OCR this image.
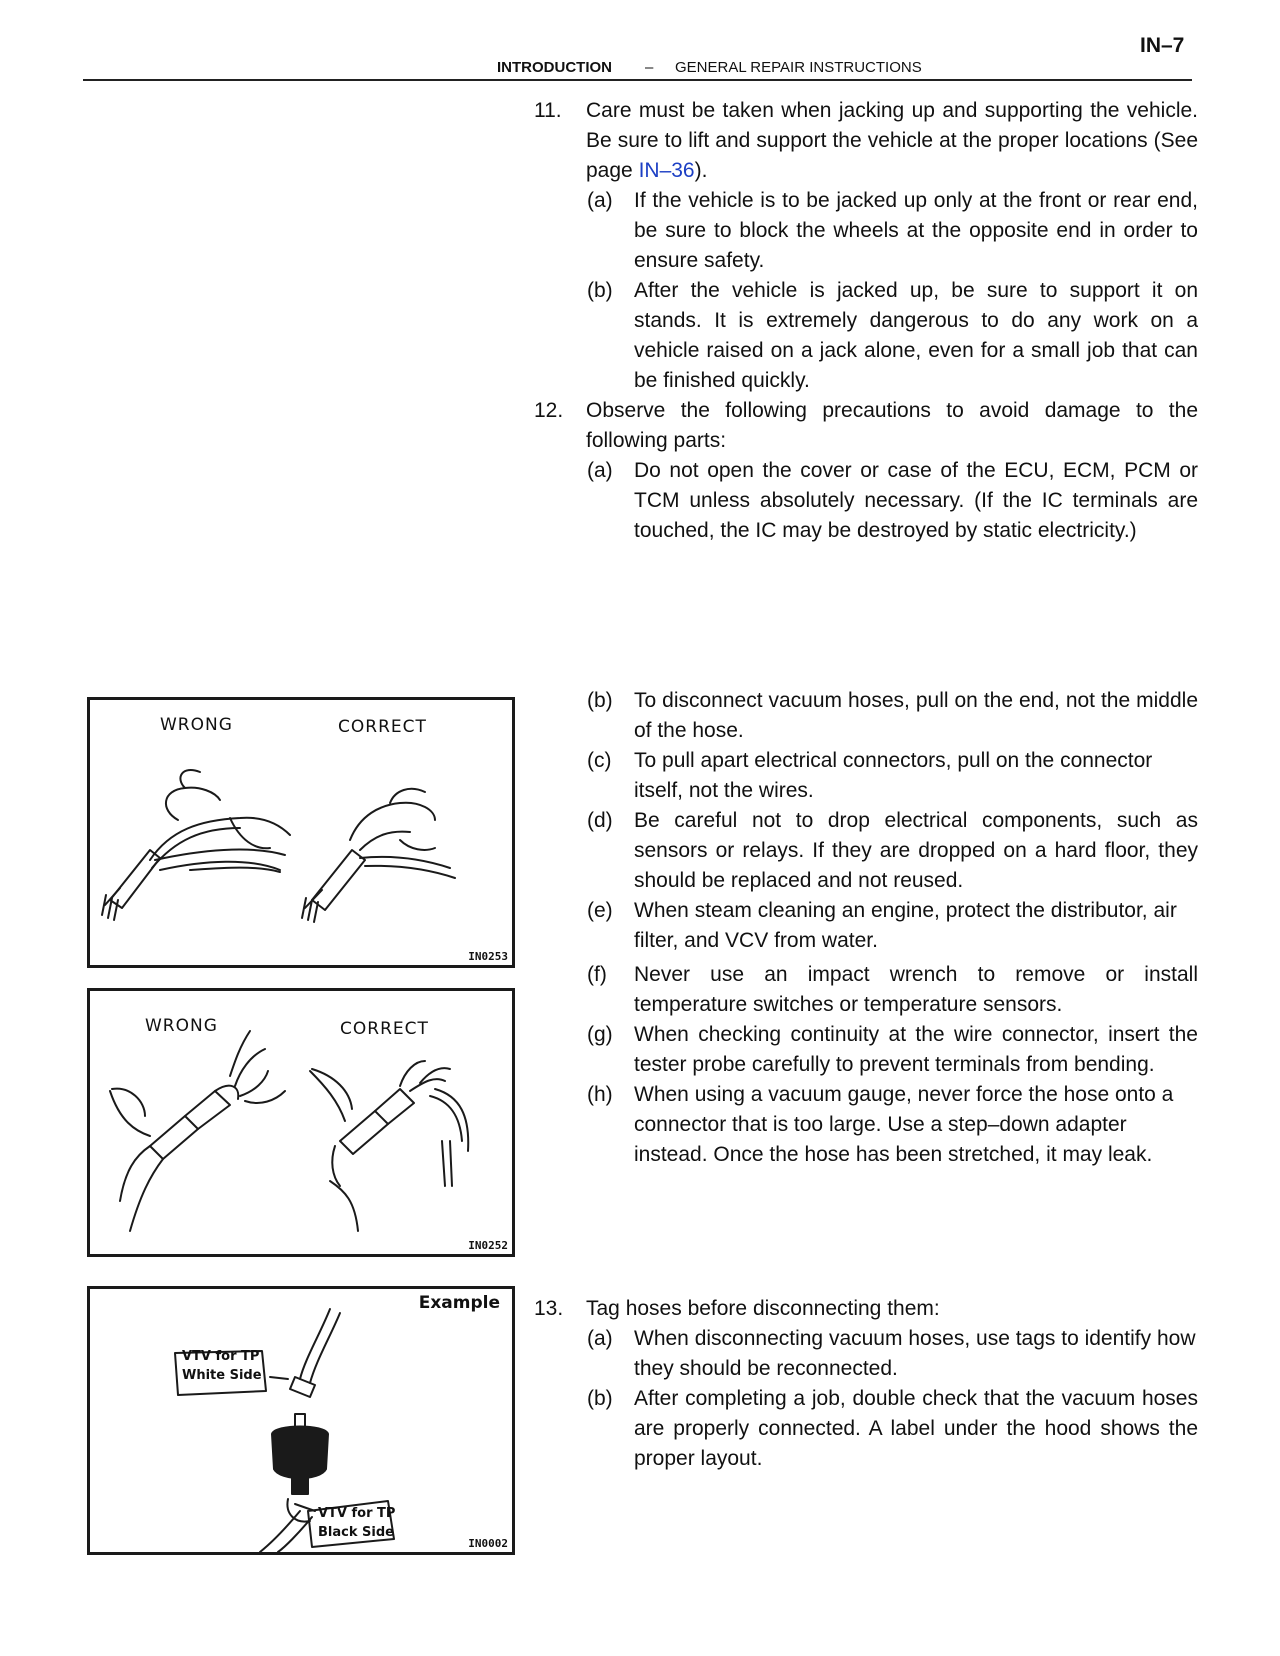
IN–7
INTRODUCTION – GENERAL REPAIR INSTRUCTIONS
11. Care must be taken when jacking up and supporting the vehicle. Be sure to lift and support the vehicle at the proper locations (See page IN–36).
(a) If the vehicle is to be jacked up only at the front or rear end, be sure to block the wheels at the opposite end in order to ensure safety.
(b) After the vehicle is jacked up, be sure to support it on stands. It is extremely dangerous to do any work on a vehicle raised on a jack alone, even for a small job that can be finished quickly.
12. Observe the following precautions to avoid damage to the following parts:
(a) Do not open the cover or case of the ECU, ECM, PCM or TCM unless absolutely necessary. (If the IC terminals are touched, the IC may be destroyed by static electricity.)
(b) To disconnect vacuum hoses, pull on the end, not the middle of the hose.
(c) To pull apart electrical connectors, pull on the connector itself, not the wires.
(d) Be careful not to drop electrical components, such as sensors or relays. If they are dropped on a hard floor, they should be replaced and not reused.
(e) When steam cleaning an engine, protect the distributor, air filter, and VCV from water.
(f) Never use an impact wrench to remove or install temperature switches or temperature sensors.
(g) When checking continuity at the wire connector, insert the tester probe carefully to prevent terminals from bending.
(h) When using a vacuum gauge, never force the hose onto a connector that is too large. Use a step–down adapter instead. Once the hose has been stretched, it may leak.
13. Tag hoses before disconnecting them:
(a) When disconnecting vacuum hoses, use tags to identify how they should be reconnected.
(b) After completing a job, double check that the vacuum hoses are properly connected. A label under the hood shows the proper layout.
WRONG	CORRECT
IN0253
WRONG	CORRECT
IN0252
Example
VTV for TP
White Side
VTV for TP
Black Side
IN0002
